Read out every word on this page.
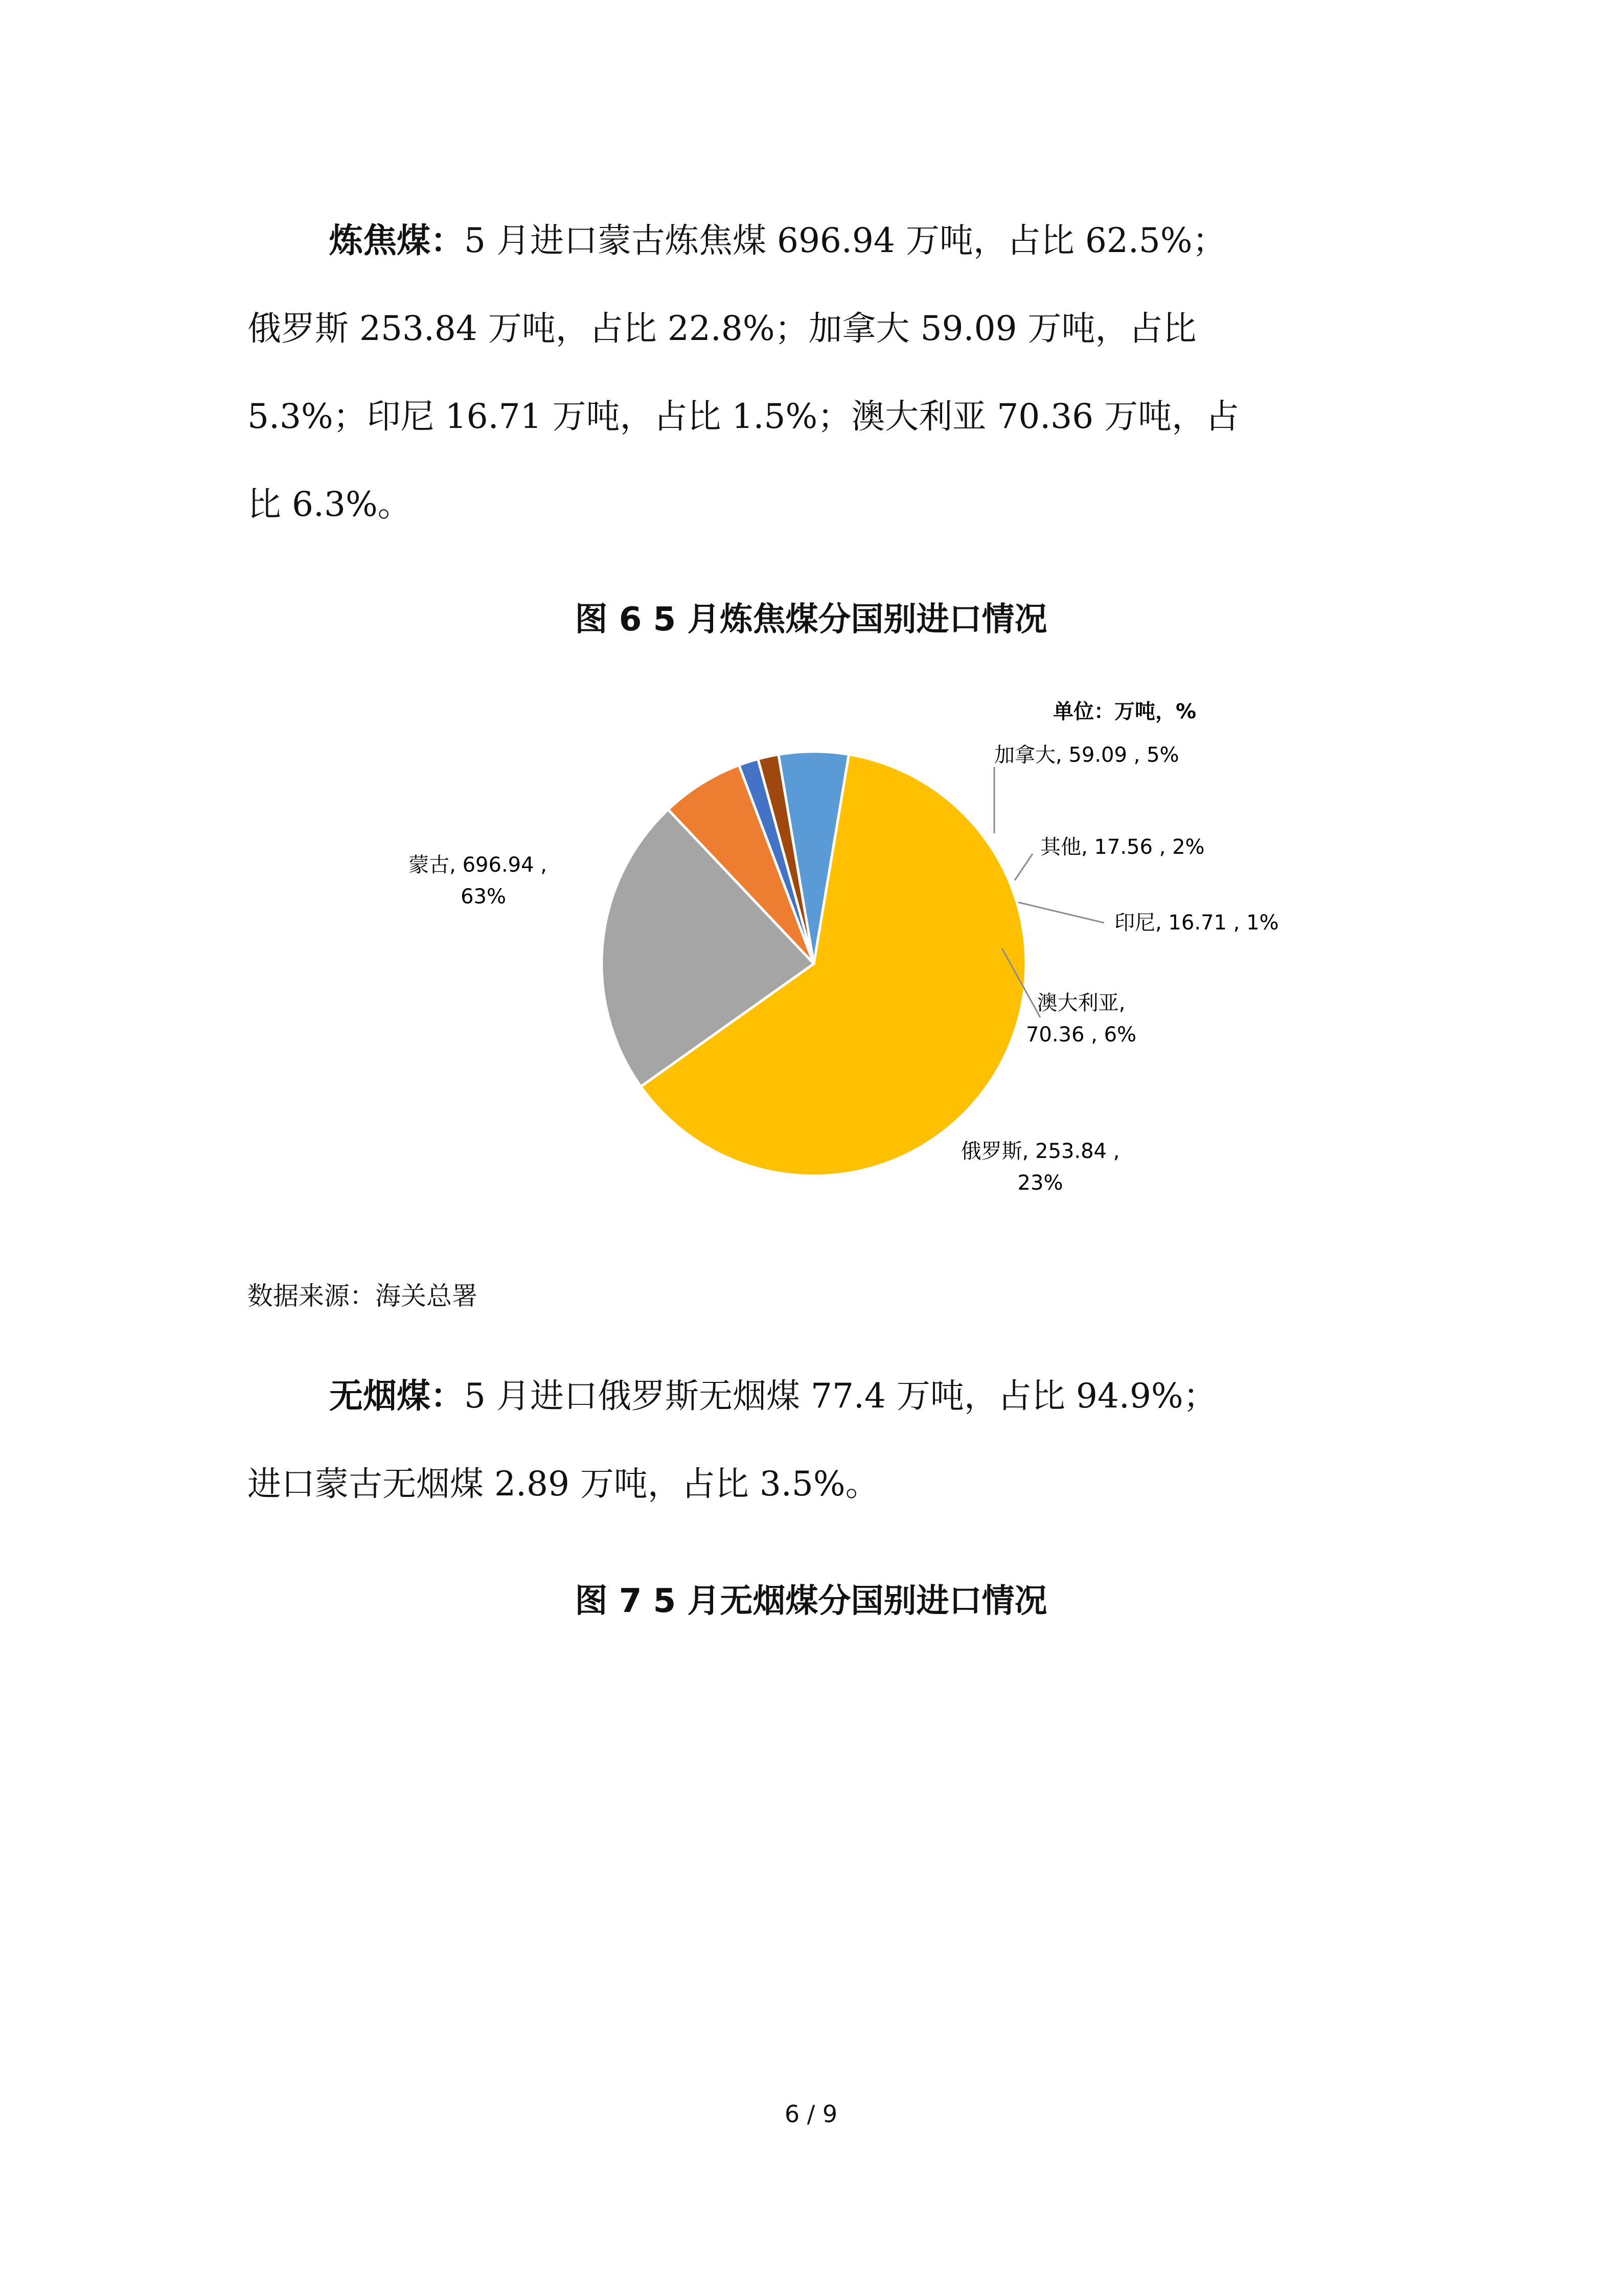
炼焦煤：5 月进口蒙古炼焦煤 696.94 万吨，占比 62.5%；
俄罗斯 253.84 万吨，占比 22.8%；加拿大 59.09 万吨，占比
5.3%；印尼 16.71 万吨，占比 1.5%；澳大利亚 70.36 万吨，占
比 6.3%。
图 6 5 月炼焦煤分国别进口情况
蒙古, 696.94 , 63%
俄罗斯, 253.84 , 23%
澳大利亚, 70.36 , 6%
印尼, 16.71 , 1%
其他, 17.56 , 2%
加拿大, 59.09 , 5%
单位：万吨，%
数据来源：海关总署
无烟煤：5 月进口俄罗斯无烟煤 77.4 万吨，占比 94.9%；
进口蒙古无烟煤 2.89 万吨，占比 3.5%。
图 7 5 月无烟煤分国别进口情况
6 / 9
